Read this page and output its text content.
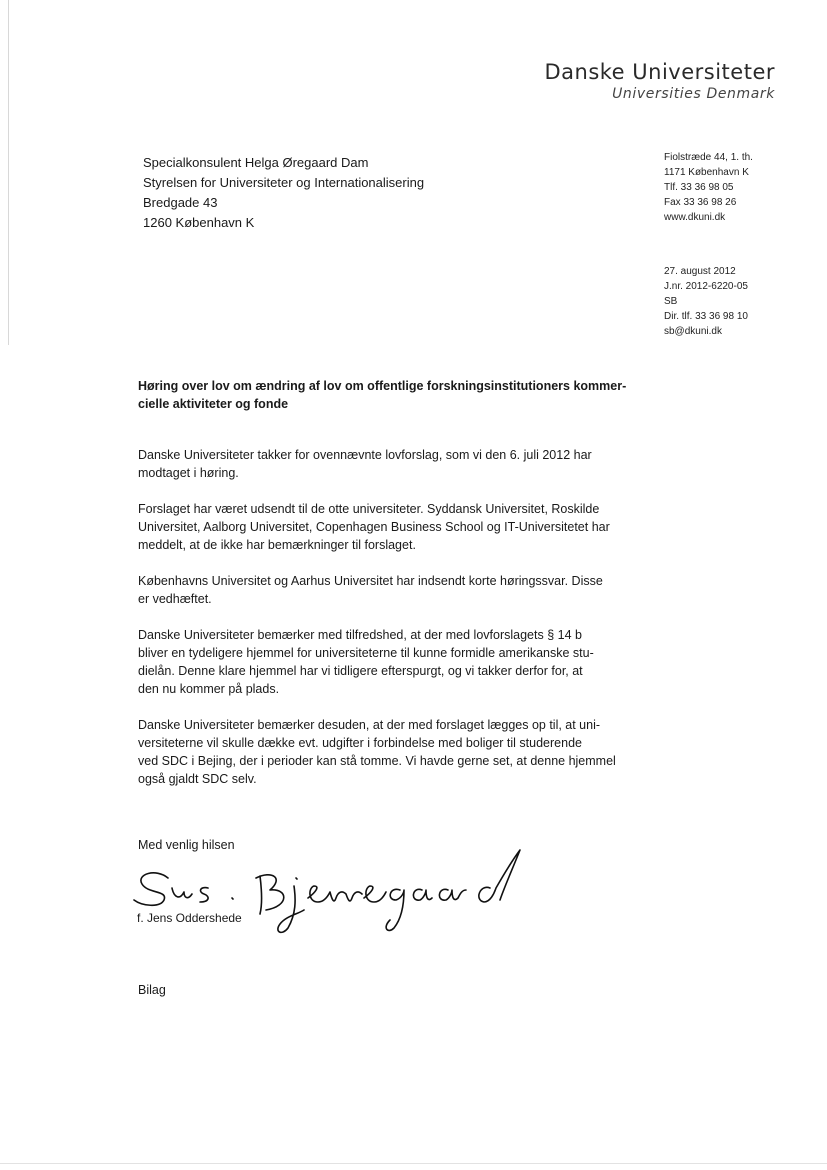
Danske Universiteter
Universities Denmark
Specialkonsulent Helga Øregaard Dam
Styrelsen for Universiteter og Internationalisering
Bredgade 43
1260 København K
Fiolstræde 44, 1. th.
1171 København K
Tlf. 33 36 98 05
Fax 33 36 98 26
www.dkuni.dk
27. august 2012
J.nr. 2012-6220-05
SB
Dir. tlf. 33 36 98 10
sb@dkuni.dk
Høring over lov om ændring af lov om offentlige forskningsinstitutioners kommer-
cielle aktiviteter og fonde
Danske Universiteter takker for ovennævnte lovforslag, som vi den 6. juli 2012 har
modtaget i høring.
Forslaget har været udsendt til de otte universiteter. Syddansk Universitet, Roskilde
Universitet, Aalborg Universitet, Copenhagen Business School og IT-Universitetet har
meddelt, at de ikke har bemærkninger til forslaget.
Københavns Universitet og Aarhus Universitet har indsendt korte høringssvar. Disse
er vedhæftet.
Danske Universiteter bemærker med tilfredshed, at der med lovforslagets § 14 b
bliver en tydeligere hjemmel for universiteterne til kunne formidle amerikanske stu-
dielån. Denne klare hjemmel har vi tidligere efterspurgt, og vi takker derfor for, at
den nu kommer på plads.
Danske Universiteter bemærker desuden, at der med forslaget lægges op til, at uni-
versiteterne vil skulle dække evt. udgifter i forbindelse med boliger til studerende
ved SDC i Bejing, der i perioder kan stå tomme. Vi havde gerne set, at denne hjemmel
også gjaldt SDC selv.
Med venlig hilsen
f. Jens Oddershede
Bilag
